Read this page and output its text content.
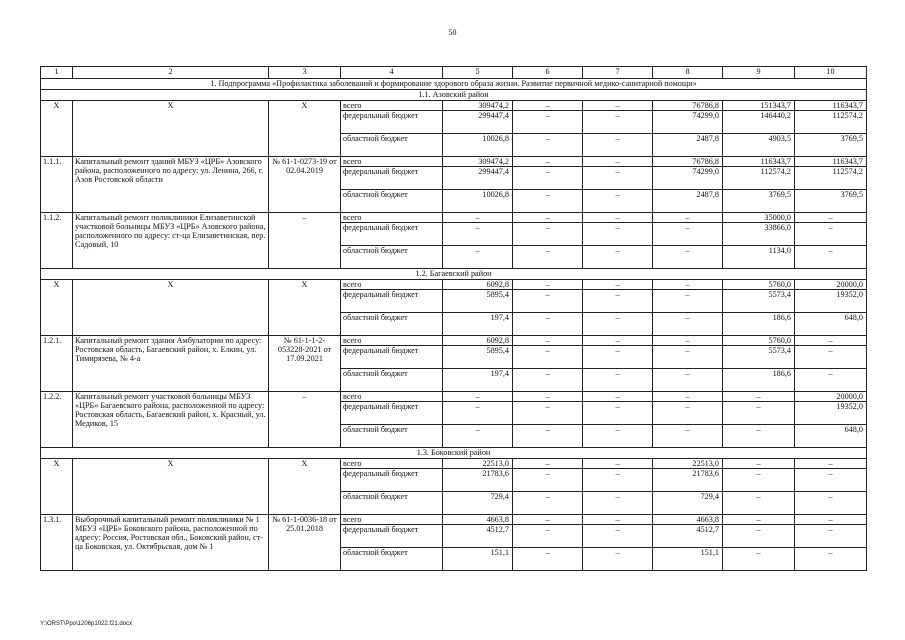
50
1	2	3	4	5	6	7	8	9	10
1. Подпрограмма «Профилактика заболеваний и формирование здорового образа жизни. Развитие первичной медико-санитарной помощи»									
1.1. Азовский район									
Х	Х	Х	всего	309474,2	–	–	76786,8	151343,7	116343,7
			федеральный бюджет	299447,4	–	–	74299,0	146440,2	112574,2
			областной бюджет	10026,8	–	–	2487,8	4903,5	3769,5
1.1.1.	Капитальный ремонт зданий МБУЗ «ЦРБ» Азовского района, расположенного по адресу: ул. Ленина, 266, г. Азов Ростовской области	№ 61-1-0273-19 от 02.04.2019	всего	309474,2	–	–	76786,8	116343,7	116343,7
			федеральный бюджет	299447,4	–	–	74299,0	112574,2	112574,2
			областной бюджет	10026,8	–	–	2487,8	3769,5	3769,5
1.1.2.	Капитальный ремонт поликлиники Елизаветинской участковой больницы МБУЗ «ЦРБ» Азовского района, расположенного по адресу: ст-ца Елизаветинская, пер. Садовый, 10	–	всего	–	–	–	–	35000,0	–
			федеральный бюджет	–	–	–	–	33866,0	–
			областной бюджет	–	–	–	–	1134,0	–
1.2. Багаевский район									
Х	Х	Х	всего	6092,8	–	–	–	5760,0	20000,0
			федеральный бюджет	5895,4	–	–	–	5573,4	19352,0
			областной бюджет	197,4	–	–	–	186,6	648,0
1.2.1.	Капитальный ремонт здания Амбулатории по адресу: Ростовская область, Багаевский район, х. Елкин, ул. Тимирязева, № 4-а	№ 61-1-1-2-053228-2021 от 17.09.2021	всего	6092,8	–	–	–	5760,0	–
			федеральный бюджет	5895,4	–	–	–	5573,4	–
			областной бюджет	197,4	–	–	–	186,6	–
1.2.2.	Капитальный ремонт участковой больницы МБУЗ «ЦРБ» Багаевского района, расположенной по адресу: Ростовская область, Багаевский район, х. Красный, ул. Медиков, 15	–	всего	–	–	–	–	–	20000,0
			федеральный бюджет	–	–	–	–	–	19352,0
			областной бюджет	–	–	–	–	–	648,0
1.3. Боковский район									
Х	Х	Х	всего	22513,0	–	–	22513,0	–	–
			федеральный бюджет	21783,6	–	–	21783,6	–	–
			областной бюджет	729,4	–	–	729,4	–	–
1.3.1.	Выборочный капитальный ремонт поликлиники № 1 МБУЗ «ЦРБ» Боковского района, расположенной по адресу: Россия, Ростовская обл., Боковский район, ст-ца Боковская, ул. Октябрьская, дом № 1	№ 61-1-0036-18 от 25.01.2018	всего	4663,8	–	–	4663,8	–	–
			федеральный бюджет	4512,7	–	–	4512,7	–	–
			областной бюджет	151,1	–	–	151,1	–	–
Y:\ORST\Ppo\1206p1022.f21.docx
